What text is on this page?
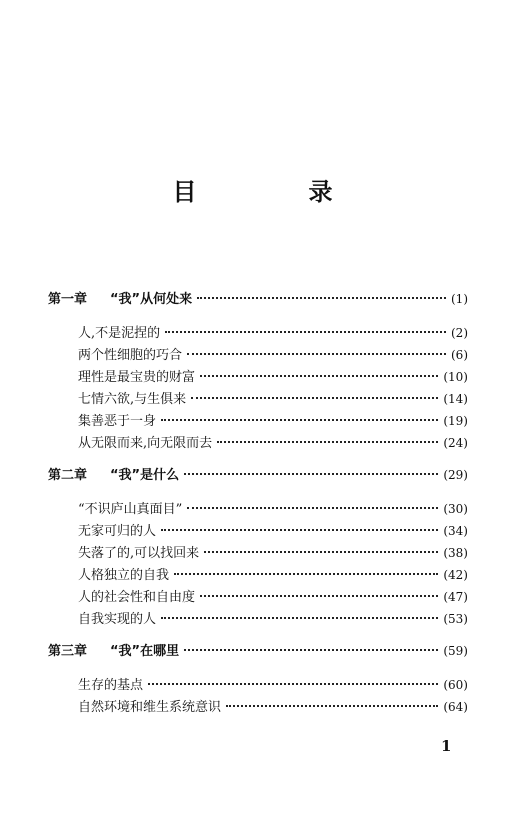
目　录
第一章	“我”从何处来	(1)
人,不是泥捏的	(2)
两个性细胞的巧合	(6)
理性是最宝贵的财富	(10)
七情六欲,与生俱来	(14)
集善恶于一身	(19)
从无限而来,向无限而去	(24)
第二章	“我”是什么	(29)
“不识庐山真面目”	(30)
无家可归的人	(34)
失落了的,可以找回来	(38)
人格独立的自我	(42)
人的社会性和自由度	(47)
自我实现的人	(53)
第三章	“我”在哪里	(59)
生存的基点	(60)
自然环境和维生系统意识	(64)
1
